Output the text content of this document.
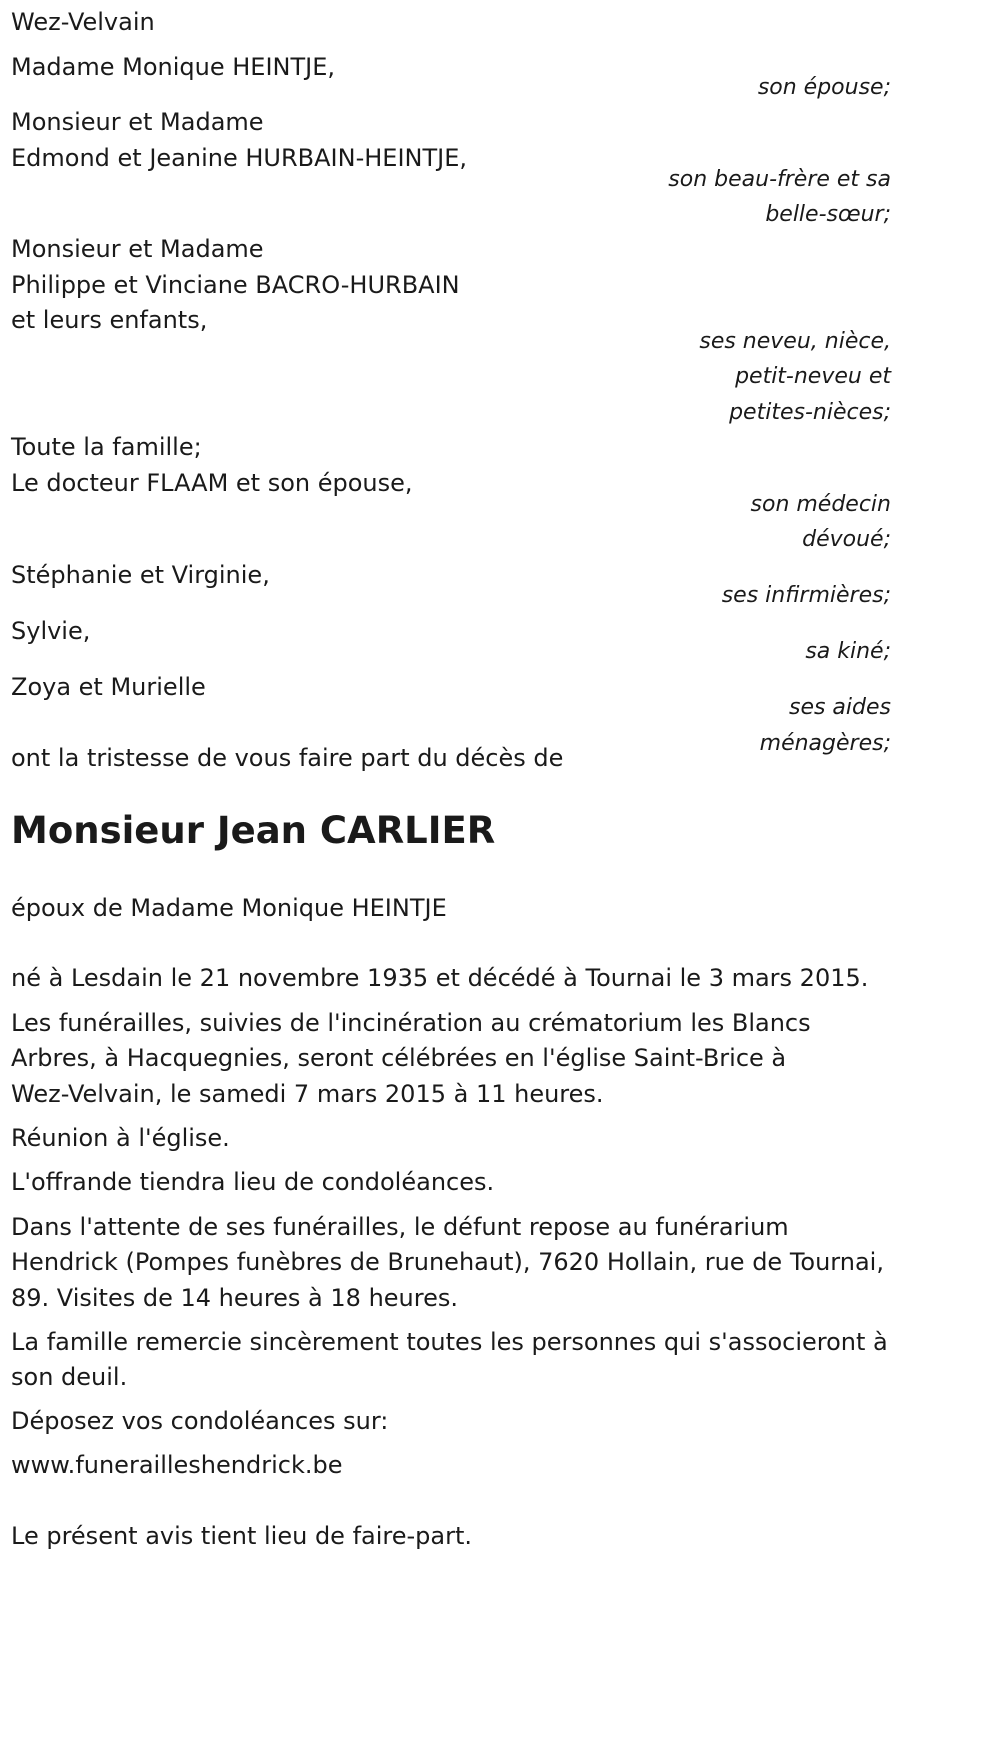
Wez-Velvain
Madame Monique HEINTJE,
son épouse;
Monsieur et Madame
Edmond et Jeanine HURBAIN-HEINTJE,
son beau-frère et sa
belle-sœur;
Monsieur et Madame
Philippe et Vinciane BACRO-HURBAIN
et leurs enfants,
ses neveu, nièce,
petit-neveu et
petites-nièces;
Toute la famille;
Le docteur FLAAM et son épouse,
son médecin
dévoué;
Stéphanie et Virginie,
ses infirmières;
Sylvie,
sa kiné;
Zoya et Murielle
ses aides
ménagères;
ont la tristesse de vous faire part du décès de
Monsieur Jean CARLIER
époux de Madame Monique HEINTJE
né à Lesdain le 21 novembre 1935 et décédé à Tournai le 3 mars 2015.
Les funérailles, suivies de l'incinération au crématorium les Blancs
Arbres, à Hacquegnies, seront célébrées en l'église Saint-Brice à
Wez-Velvain, le samedi 7 mars 2015 à 11 heures.
Réunion à l'église.
L'offrande tiendra lieu de condoléances.
Dans l'attente de ses funérailles, le défunt repose au funérarium
Hendrick (Pompes funèbres de Brunehaut), 7620 Hollain, rue de Tournai,
89. Visites de 14 heures à 18 heures.
La famille remercie sincèrement toutes les personnes qui s'associeront à
son deuil.
Déposez vos condoléances sur:
www.funerailleshendrick.be
Le présent avis tient lieu de faire-part.
